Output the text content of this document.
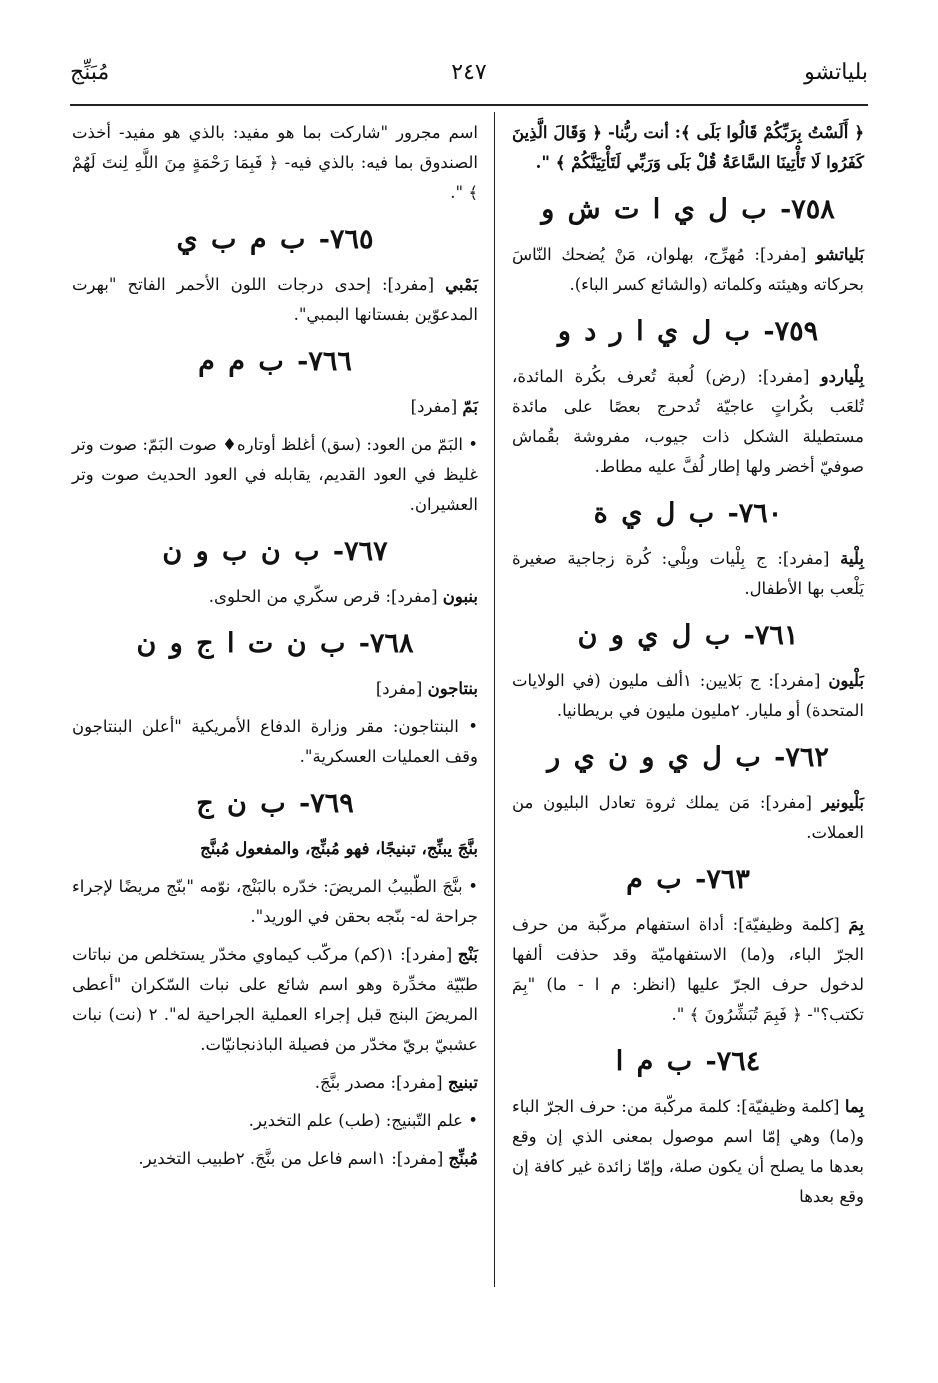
بلياتشو
٢٤٧
مُبَنِّج

﴿ أَلَسْتُ بِرَبِّكُمْ قَالُوا بَلَى ﴾: أنت ربُّنا- ﴿ وَقَالَ الَّذِينَ كَفَرُوا لَا تَأْتِينَا السَّاعَةُ قُلْ بَلَى وَرَبِّي لَتَأْتِيَنَّكُمْ ﴾ ".

٧٥٨- ب ل ي ا ت ش و

بَلياتشو [مفرد]: مُهرِّج، بهلوان، مَنْ يُضحك النّاسَ بحركاته وهيئته وكلماته (والشائع كسر الباء).

٧٥٩- ب ل ي ا ر د و

بِلْياردو [مفرد]: (رض) لُعبة تُعرف بكُرة المائدة، تُلعَب بكُراتٍ عاجيّة تُدحرج بعصًا على مائدة مستطيلة الشكل ذات جيوب، مفروشة بقُماش صوفيّ أخضر ولها إطار لُفَّ عليه مطاط.

٧٦٠- ب ل ي ة

بِلْية [مفرد]: ج بِلْيات وبِلْي: كُرة زجاجية صغيرة يَلْعب بها الأطفال.

٧٦١- ب ل ي و ن

بَلْيون [مفرد]: ج بَلايين: ١ألف مليون (في الولايات المتحدة) أو مليار. ٢مليون مليون في بريطانيا.

٧٦٢- ب ل ي و ن ي ر

بَلْيونير [مفرد]: مَن يملك ثروة تعادل البليون من العملات.

٧٦٣- ب م

بِمَ [كلمة وظيفيّة]: أداة استفهام مركّبة من حرف الجرّ الباء، و(ما) الاستفهاميّة وقد حذفت ألفها لدخول حرف الجرّ عليها (انظر: م ا - ما) "بِمَ تكتب؟"- ﴿ فَبِمَ تُبَشِّرُونَ ﴾ ".

٧٦٤- ب م ا

بِما [كلمة وظيفيّة]: كلمة مركّبة من: حرف الجرّ الباء و(ما) وهي إمّا اسم موصول بمعنى الذي إن وقع بعدها ما يصلح أن يكون صلة، وإمّا زائدة غير كافة إن وقع بعدها

اسم مجرور "شاركت بما هو مفيد: بالذي هو مفيد- أخذت الصندوق بما فيه: بالذي فيه- ﴿ فَبِمَا رَحْمَةٍ مِنَ اللَّهِ لِنتَ لَهُمْ ﴾ ".

٧٦٥- ب م ب ي

بَمْبي [مفرد]: إحدى درجات اللون الأحمر الفاتح "بهرت المدعوّين بفستانها البمبي".

٧٦٦- ب م م

بَمّ [مفرد]

• البَمّ من العود: (سق) أغلظ أوتاره♦ صوت البَمّ: صوت وتر غليظ في العود القديم، يقابله في العود الحديث صوت وتر العشيران.

٧٦٧- ب ن ب و ن

بنبون [مفرد]: قرص سكّري من الحلوى.

٧٦٨- ب ن ت ا ج و ن

بنتاجون [مفرد]

• البنتاجون: مقر وزارة الدفاع الأمريكية "أعلن البنتاجون وقف العمليات العسكرية".

٧٦٩- ب ن ج

بنَّجَ يبنِّج، تبنيجًا، فهو مُبنِّج، والمفعول مُبنَّج

• بنَّجَ الطّبيبُ المريضَ: خدّره بالبَنْج، نوّمه "بنّج مريضًا لإجراء جراحة له- بنّجه بحقن في الوريد".

بَنْج [مفرد]: ١(كم) مركّب كيماوي مخدّر يستخلص من نباتات طبّيّة مخدِّرة وهو اسم شائع على نبات السّكران "أعطى المريضَ البنج قبل إجراء العملية الجراحية له". ٢ (نت) نبات عشبيّ بريّ مخدّر من فصيلة الباذنجانيّات.

تبنيج [مفرد]: مصدر بنَّجَ.

• علم التّبنيج: (طب) علم التخدير.

مُبنِّج [مفرد]: ١اسم فاعل من بنَّجَ. ٢طبيب التخدير.
